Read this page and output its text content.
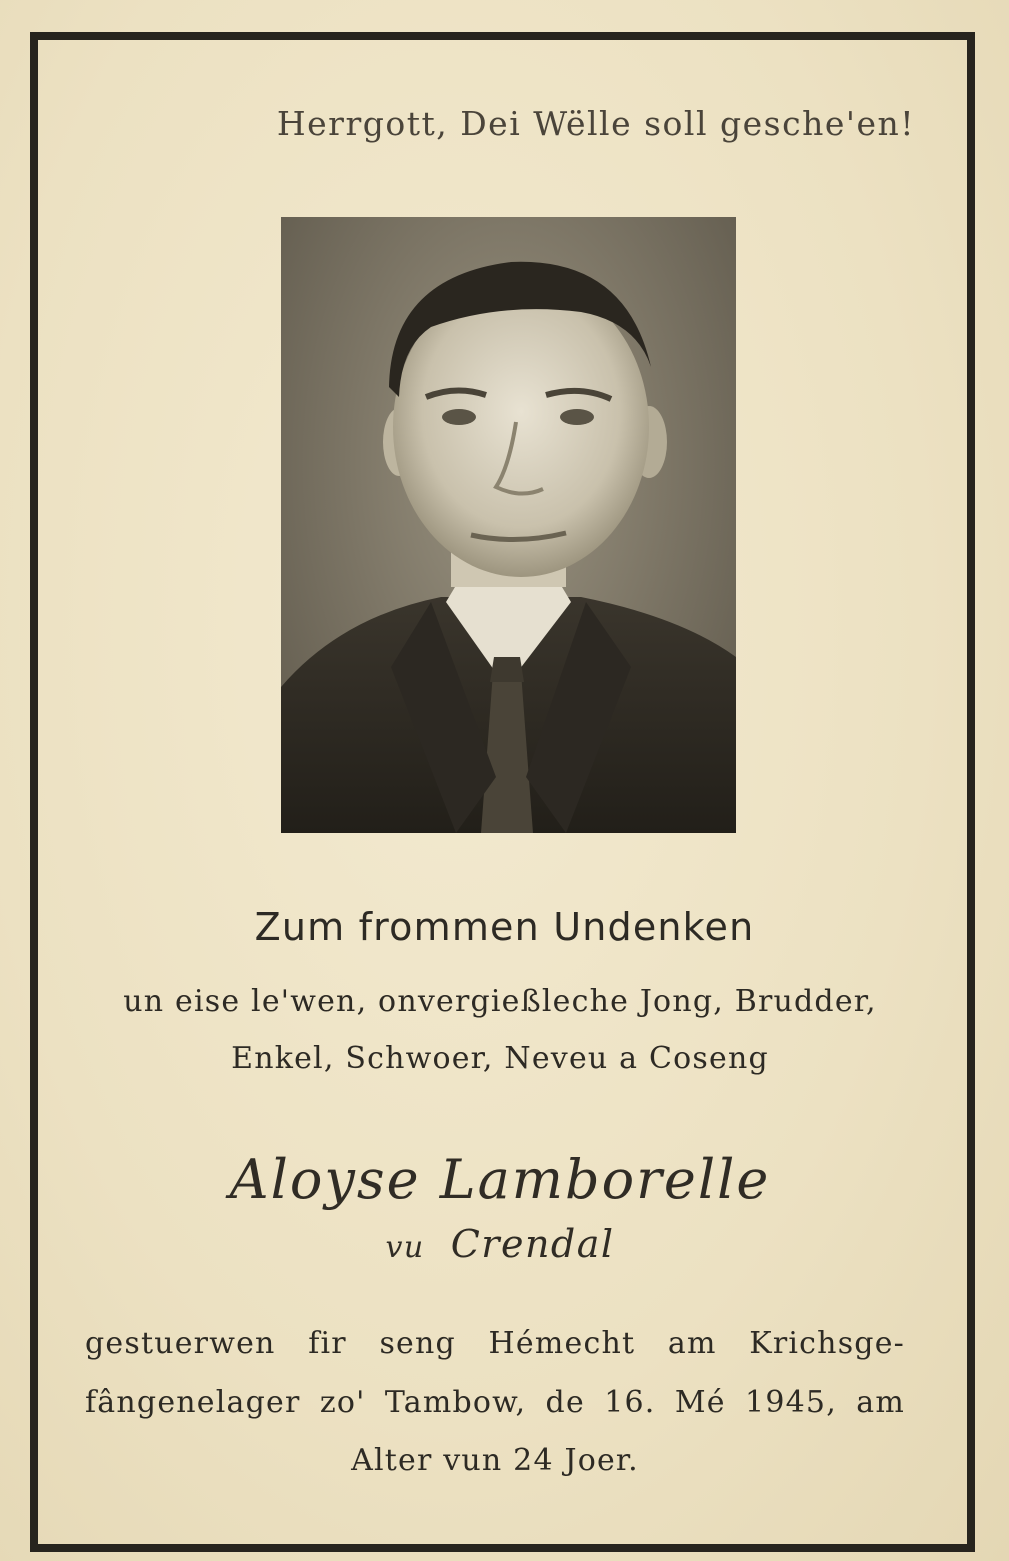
Herrgott, Dei Wëlle soll gesche'en!
Zum frommen Undenken
un eise le'wen, onvergießleche Jong, Brudder,
Enkel, Schwoer, Neveu a Coseng
Aloyse Lamborelle
vu Crendal
gestuerwen fir seng Hémecht am Krichsge-
fângenelager zo' Tambow, de 16. Mé 1945, am
Alter vun 24 Joer.
